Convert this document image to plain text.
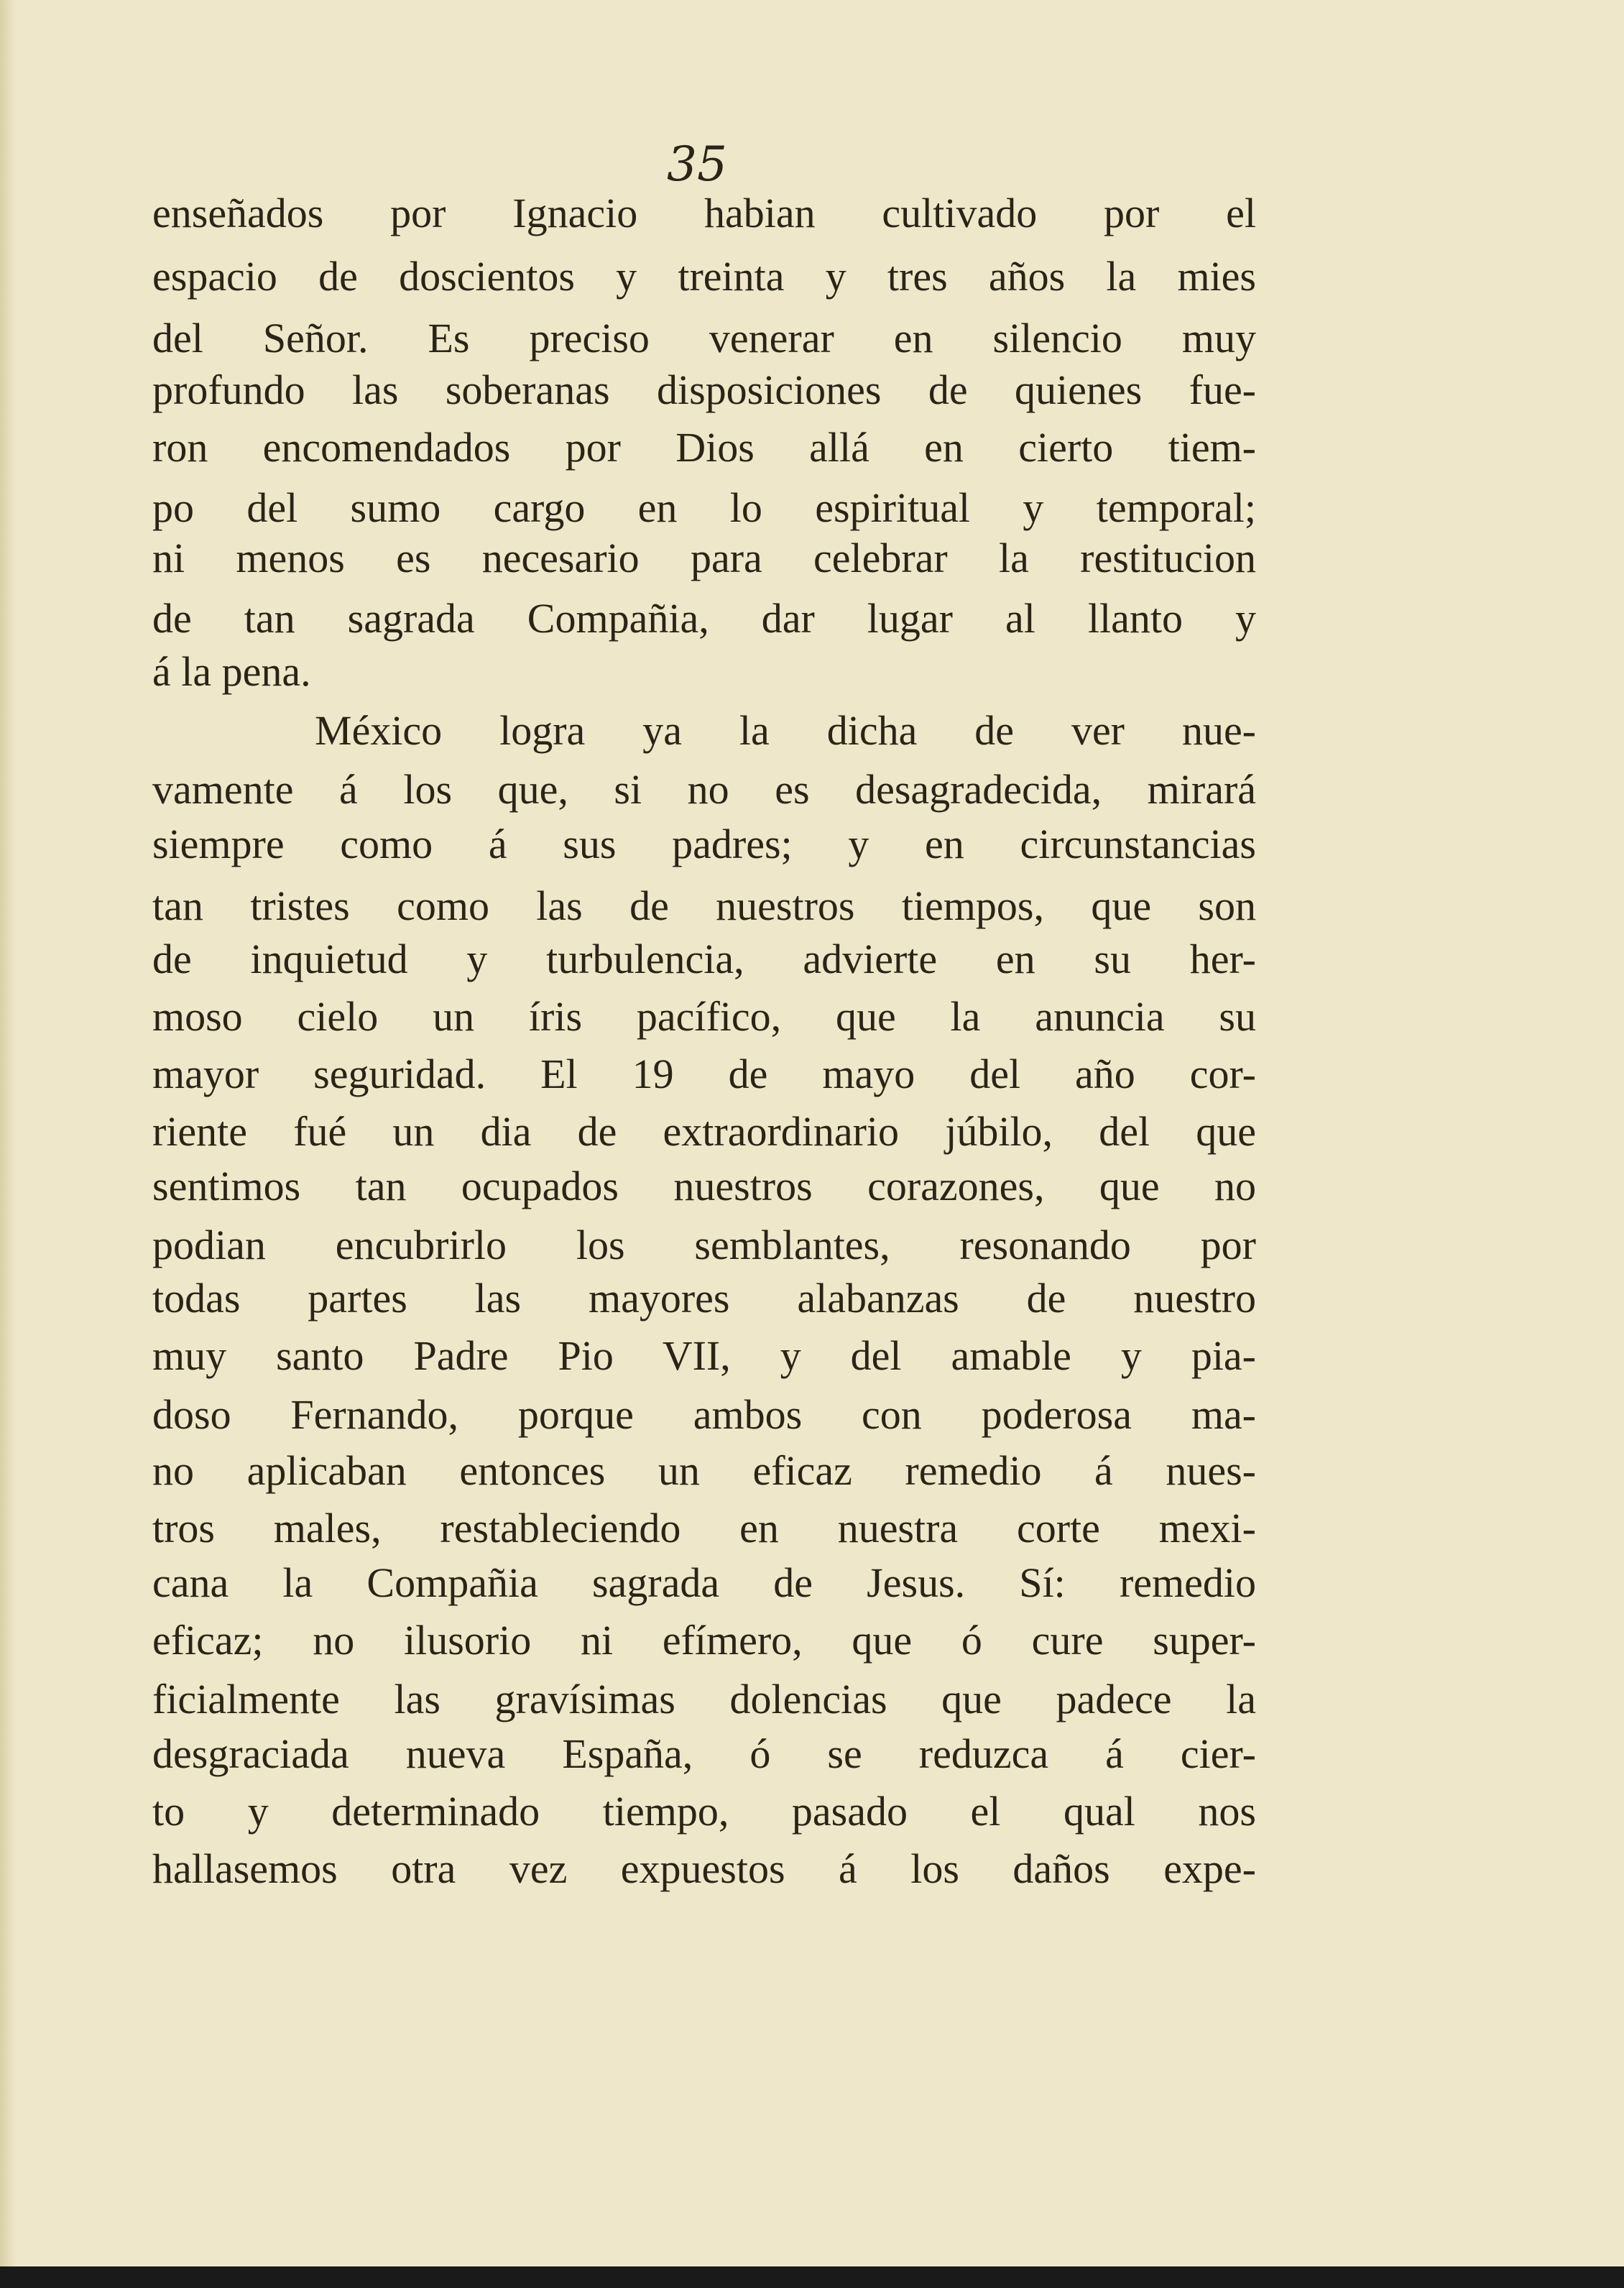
35

enseñados por Ignacio habian cultivado por el

espacio de doscientos y treinta y tres años la mies

del Señor. Es preciso venerar en silencio muy

profundo las soberanas disposiciones de quienes fue-

ron encomendados por Dios allá en cierto tiem-

po del sumo cargo en lo espiritual y temporal;

ni menos es necesario para celebrar la restitucion

de tan sagrada Compañia, dar lugar al llanto y

á la pena.

México logra ya la dicha de ver nue-

vamente á los que, si no es desagradecida, mirará

siempre como á sus padres; y en circunstancias

tan tristes como las de nuestros tiempos, que son

de inquietud y turbulencia, advierte en su her-

moso cielo un íris pacífico, que la anuncia su

mayor seguridad. El 19 de mayo del año cor-

riente fué un dia de extraordinario júbilo, del que

sentimos tan ocupados nuestros corazones, que no

podian encubrirlo los semblantes, resonando por

todas partes las mayores alabanzas de nuestro

muy santo Padre Pio VII, y del amable y pia-

doso Fernando, porque ambos con poderosa ma-

no aplicaban entonces un eficaz remedio á nues-

tros males, restableciendo en nuestra corte mexi-

cana la Compañia sagrada de Jesus. Sí: remedio

eficaz; no ilusorio ni efímero, que ó cure super-

ficialmente las gravísimas dolencias que padece la

desgraciada nueva España, ó se reduzca á cier-

to y determinado tiempo, pasado el qual nos

hallasemos otra vez expuestos á los daños expe-
